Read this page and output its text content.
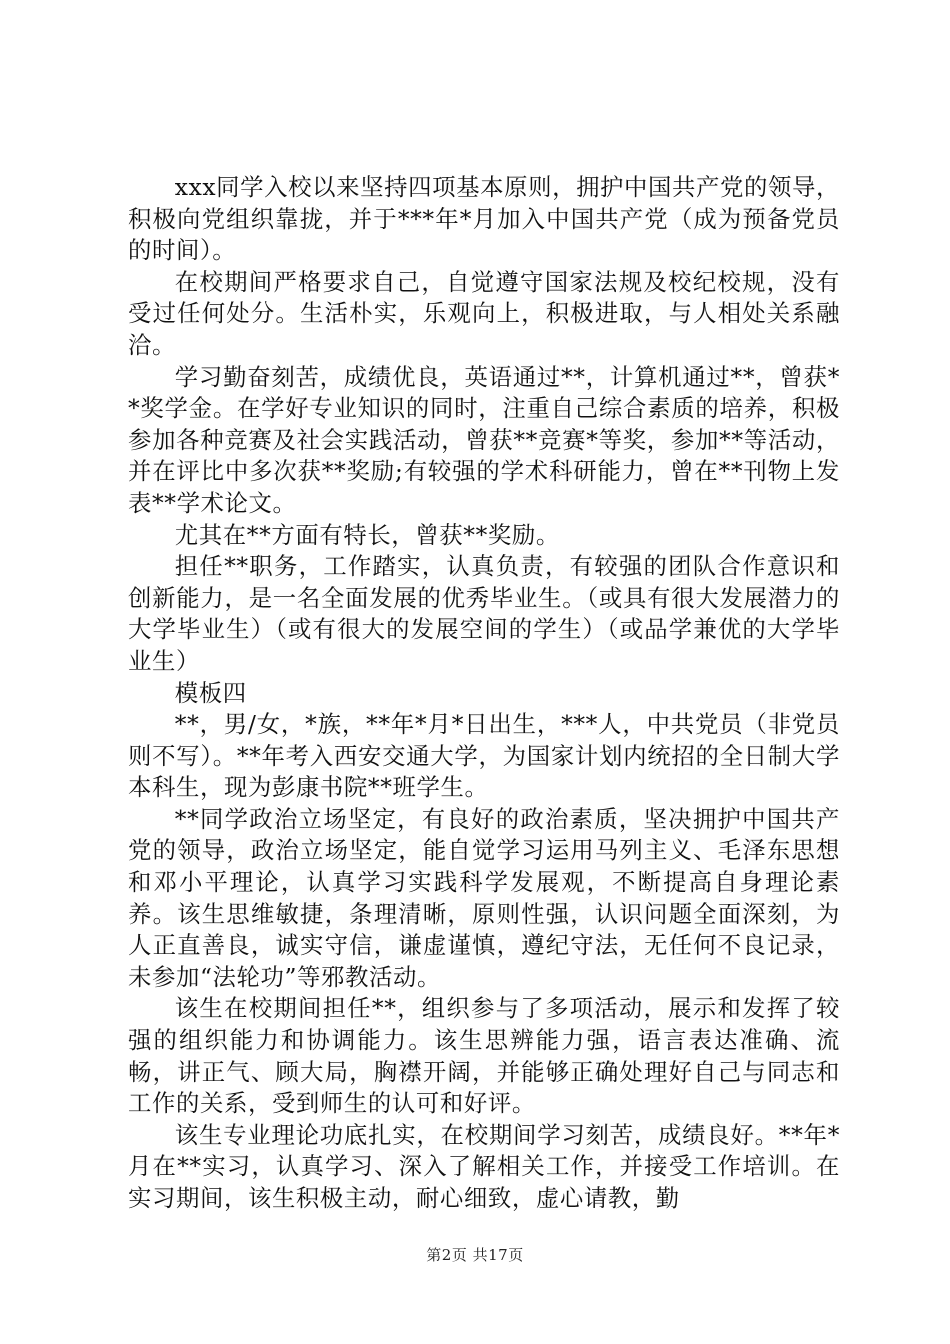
xxx同学入校以来坚持四项基本原则，拥护中国共产党的领导，积极向党组织靠拢，并于***年*月加入中国共产党（成为预备党员的时间）。

在校期间严格要求自己，自觉遵守国家法规及校纪校规，没有受过任何处分。生活朴实，乐观向上，积极进取，与人相处关系融洽。

学习勤奋刻苦，成绩优良，英语通过**，计算机通过**，曾获**奖学金。在学好专业知识的同时，注重自己综合素质的培养，积极参加各种竞赛及社会实践活动，曾获**竞赛*等奖，参加**等活动，并在评比中多次获**奖励;有较强的学术科研能力，曾在**刊物上发表**学术论文。

尤其在**方面有特长，曾获**奖励。

担任**职务，工作踏实，认真负责，有较强的团队合作意识和创新能力，是一名全面发展的优秀毕业生。（或具有很大发展潜力的大学毕业生）（或有很大的发展空间的学生）（或品学兼优的大学毕业生）

模板四

**，男/女，*族，**年*月*日出生，***人，中共党员（非党员则不写）。**年考入西安交通大学，为国家计划内统招的全日制大学本科生，现为彭康书院**班学生。

**同学政治立场坚定，有良好的政治素质，坚决拥护中国共产党的领导，政治立场坚定，能自觉学习运用马列主义、毛泽东思想和邓小平理论，认真学习实践科学发展观，不断提高自身理论素养。该生思维敏捷，条理清晰，原则性强，认识问题全面深刻，为人正直善良，诚实守信，谦虚谨慎，遵纪守法，无任何不良记录，未参加“法轮功”等邪教活动。

该生在校期间担任**，组织参与了多项活动，展示和发挥了较强的组织能力和协调能力。该生思辨能力强，语言表达准确、流畅，讲正气、顾大局，胸襟开阔，并能够正确处理好自己与同志和工作的关系，受到师生的认可和好评。

该生专业理论功底扎实，在校期间学习刻苦，成绩良好。**年*月在**实习，认真学习、深入了解相关工作，并接受工作培训。在实习期间，该生积极主动，耐心细致，虚心请教，勤

第2页 共17页
